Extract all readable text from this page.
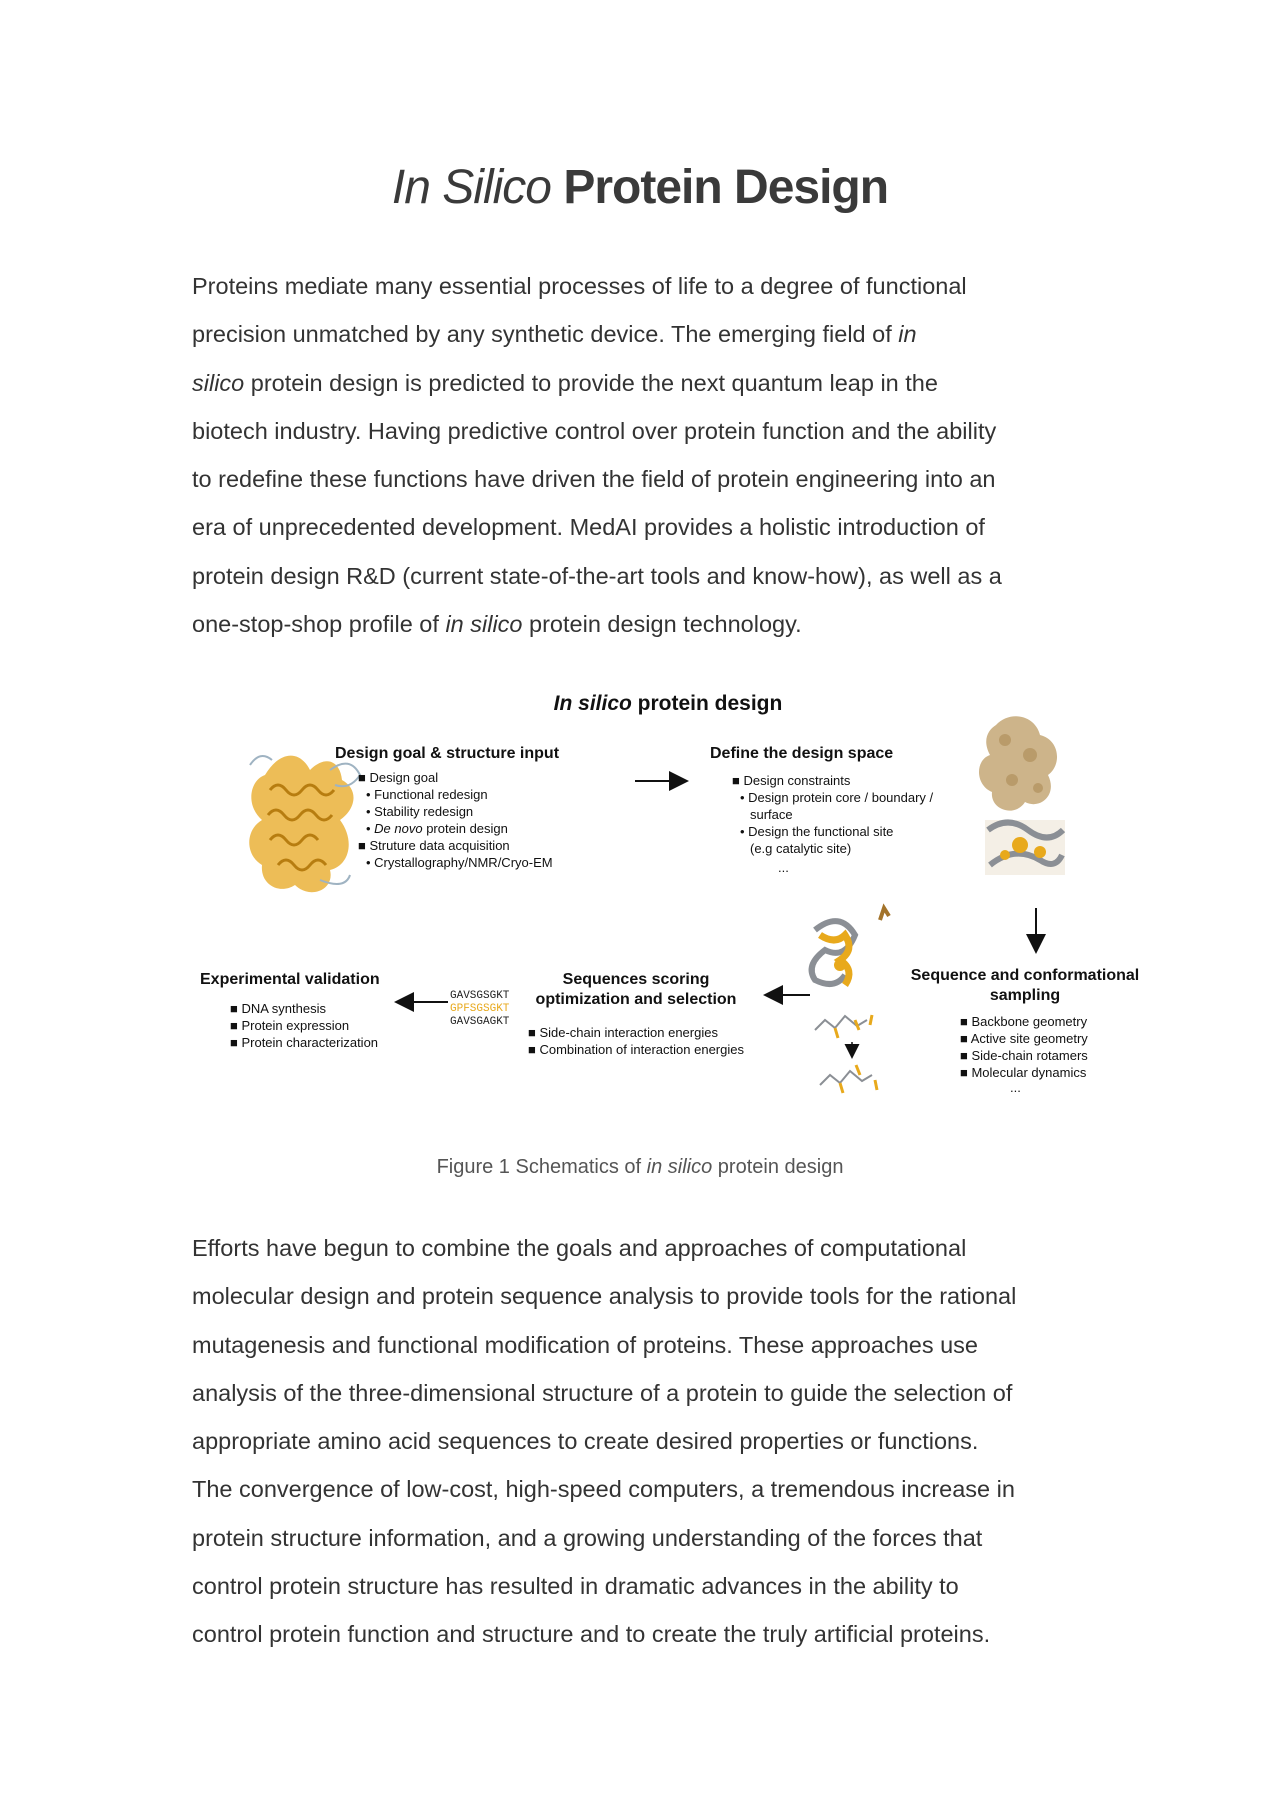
In Silico Protein Design

Proteins mediate many essential processes of life to a degree of functional
precision unmatched by any synthetic device. The emerging field of in
silico protein design is predicted to provide the next quantum leap in the
biotech industry. Having predictive control over protein function and the ability
to redefine these functions have driven the field of protein engineering into an
era of unprecedented development. MedAI provides a holistic introduction of
protein design R&D (current state-of-the-art tools and know-how), as well as a
one-stop-shop profile of in silico protein design technology.

In silico protein design
Design goal & structure input
■ Design goal
• Functional redesign
• Stability redesign
• De novo protein design
■ Struture data acquisition
• Crystallography/NMR/Cryo-EM
Define the design space
■ Design constraints
• Design protein core / boundary /
surface
• Design the functional site
(e.g catalytic site)
...
Sequence and conformational
sampling
■ Backbone geometry
■ Active site geometry
■ Side-chain rotamers
■ Molecular dynamics
...
Sequences scoring
optimization and selection
■ Side-chain interaction energies
■ Combination of interaction energies
GAVSGSGKT
GPFSGSGKT
GAVSGAGKT
Experimental validation
■ DNA synthesis
■ Protein expression
■ Protein characterization
Figure 1 Schematics of in silico protein design

Efforts have begun to combine the goals and approaches of computational
molecular design and protein sequence analysis to provide tools for the rational
mutagenesis and functional modification of proteins. These approaches use
analysis of the three-dimensional structure of a protein to guide the selection of
appropriate amino acid sequences to create desired properties or functions.
The convergence of low-cost, high-speed computers, a tremendous increase in
protein structure information, and a growing understanding of the forces that
control protein structure has resulted in dramatic advances in the ability to
control protein function and structure and to create the truly artificial proteins.
